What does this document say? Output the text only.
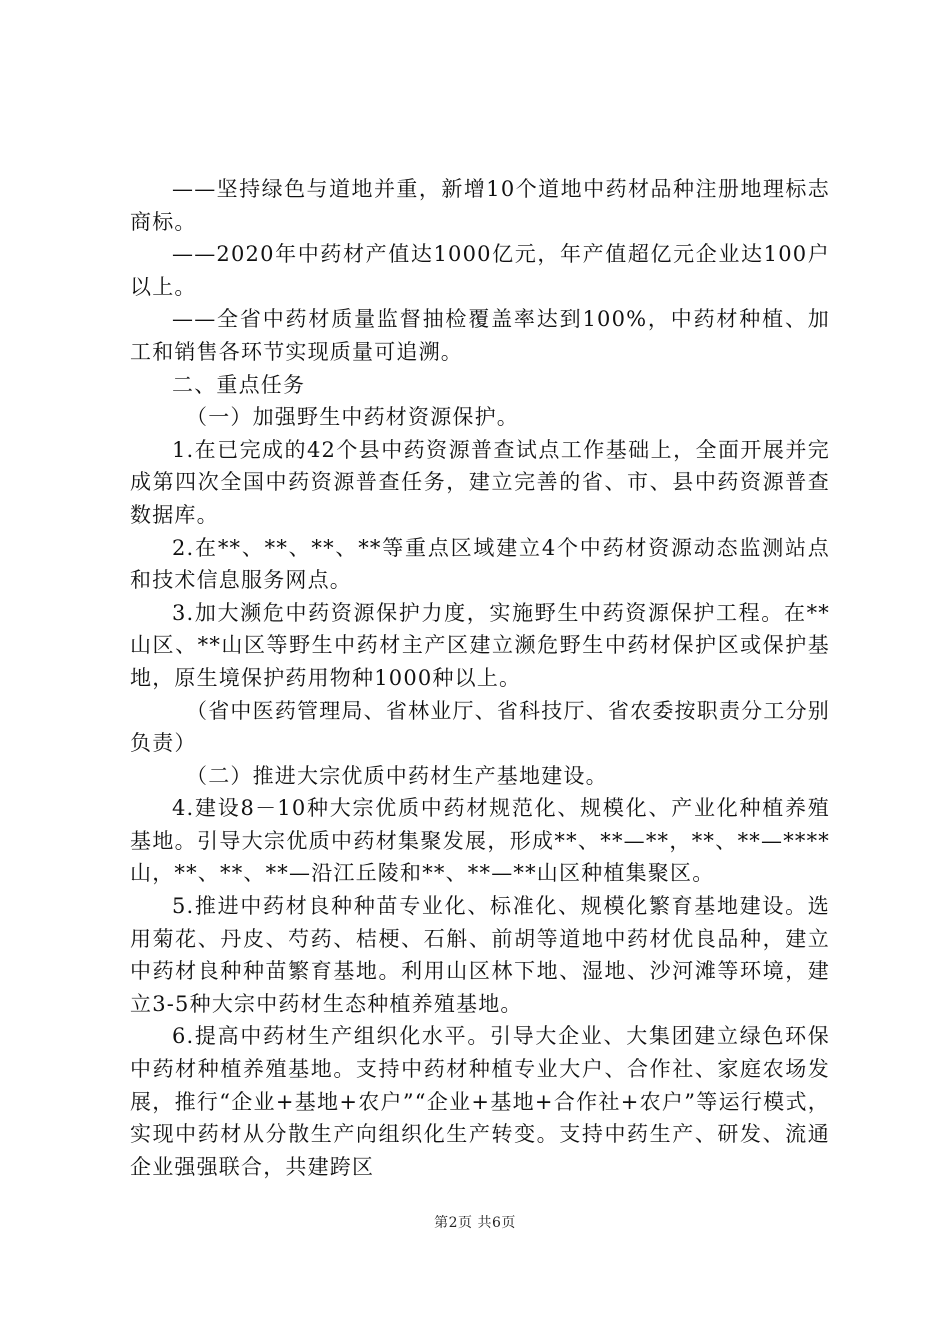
——坚持绿色与道地并重，新增10个道地中药材品种注册地理标志商标。

——2020年中药材产值达1000亿元，年产值超亿元企业达100户以上。

——全省中药材质量监督抽检覆盖率达到100%，中药材种植、加工和销售各环节实现质量可追溯。

二、重点任务

（一）加强野生中药材资源保护。

1.在已完成的42个县中药资源普查试点工作基础上，全面开展并完成第四次全国中药资源普查任务，建立完善的省、市、县中药资源普查数据库。

2.在**、**、**、**等重点区域建立4个中药材资源动态监测站点和技术信息服务网点。

3.加大濒危中药资源保护力度，实施野生中药资源保护工程。在**山区、**山区等野生中药材主产区建立濒危野生中药材保护区或保护基地，原生境保护药用物种1000种以上。

（省中医药管理局、省林业厅、省科技厅、省农委按职责分工分别负责）

（二）推进大宗优质中药材生产基地建设。

4.建设8－10种大宗优质中药材规范化、规模化、产业化种植养殖基地。引导大宗优质中药材集聚发展，形成**、**—**，**、**—****山，**、**、**—沿江丘陵和**、**—**山区种植集聚区。

5.推进中药材良种种苗专业化、标准化、规模化繁育基地建设。选用菊花、丹皮、芍药、桔梗、石斛、前胡等道地中药材优良品种，建立中药材良种种苗繁育基地。利用山区林下地、湿地、沙河滩等环境，建立3-5种大宗中药材生态种植养殖基地。

6.提高中药材生产组织化水平。引导大企业、大集团建立绿色环保中药材种植养殖基地。支持中药材种植专业大户、合作社、家庭农场发展，推行“企业+基地+农户”“企业+基地+合作社+农户”等运行模式，实现中药材从分散生产向组织化生产转变。支持中药生产、研发、流通企业强强联合，共建跨区

第2页 共6页
